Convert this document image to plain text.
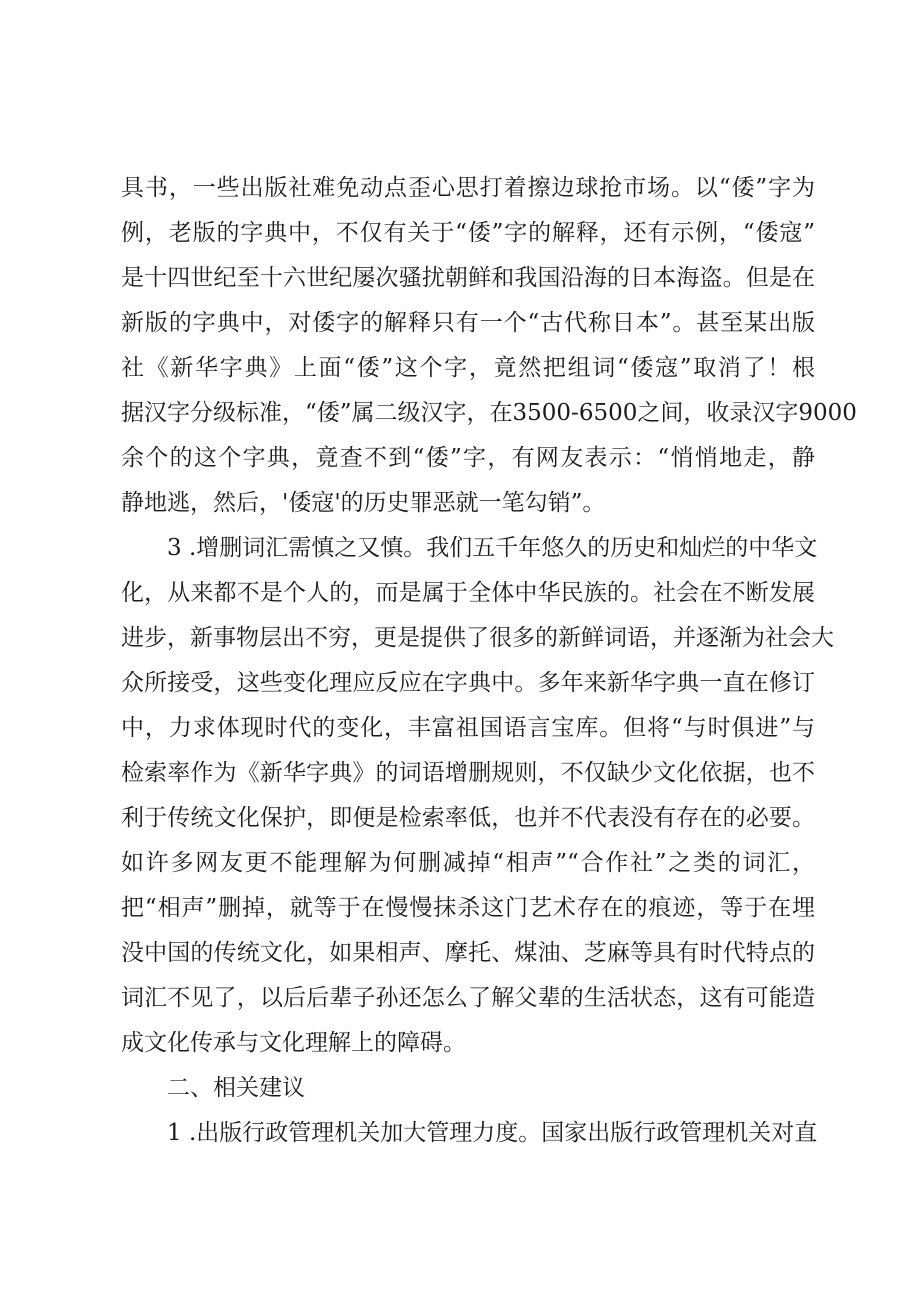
具书，一些出版社难免动点歪心思打着擦边球抢市场。以“倭”字为

例，老版的字典中，不仅有关于“倭”字的解释，还有示例，“倭寇”

是十四世纪至十六世纪屡次骚扰朝鲜和我国沿海的日本海盗。但是在

新版的字典中，对倭字的解释只有一个“古代称日本”。甚至某出版

社《新华字典》上面“倭”这个字，竟然把组词“倭寇”取消了！根

据汉字分级标准，“倭”属二级汉字，在3500-6500之间，收录汉字9000

余个的这个字典，竟查不到“倭”字，有网友表示：“悄悄地走，静

静地逃，然后，'倭寇'的历史罪恶就一笔勾销”。

3 .增删词汇需慎之又慎。我们五千年悠久的历史和灿烂的中华文

化，从来都不是个人的，而是属于全体中华民族的。社会在不断发展

进步，新事物层出不穷，更是提供了很多的新鲜词语，并逐渐为社会大

众所接受，这些变化理应反应在字典中。多年来新华字典一直在修订

中，力求体现时代的变化，丰富祖国语言宝库。但将“与时俱进”与

检索率作为《新华字典》的词语增删规则，不仅缺少文化依据，也不

利于传统文化保护，即便是检索率低，也并不代表没有存在的必要。

如许多网友更不能理解为何删减掉“相声”“合作社”之类的词汇，

把“相声”删掉，就等于在慢慢抹杀这门艺术存在的痕迹，等于在埋

没中国的传统文化，如果相声、摩托、煤油、芝麻等具有时代特点的

词汇不见了，以后后辈子孙还怎么了解父辈的生活状态，这有可能造

成文化传承与文化理解上的障碍。

二、相关建议

1 .出版行政管理机关加大管理力度。国家出版行政管理机关对直
